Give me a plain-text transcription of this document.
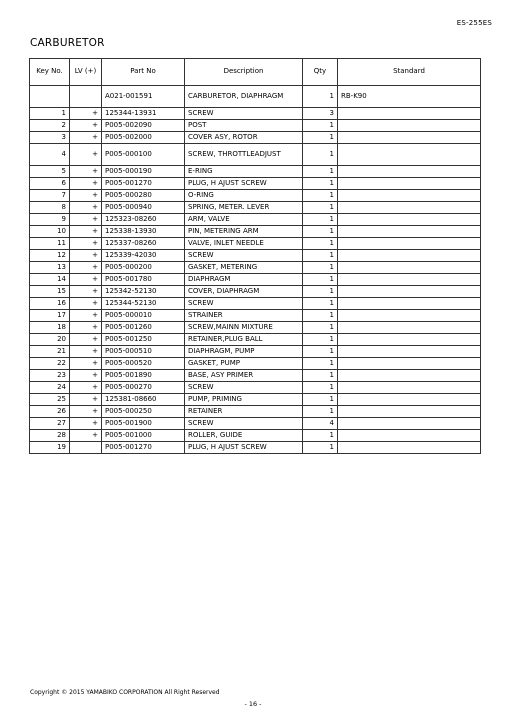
ES-255ES
CARBURETOR
Key No.	LV (+)	Part No	Description	Qty	Standard
		A021-001591	CARBURETOR, DIAPHRAGM	1	RB-K90
1	+	125344-13931	SCREW	3	
2	+	P005-002090	POST	1	
3	+	P005-002000	COVER ASY, ROTOR	1	
4	+	P005-000100	SCREW, THROTTLEADJUST	1	
5	+	P005-000190	E-RING	1	
6	+	P005-001270	PLUG, H AJUST SCREW	1	
7	+	P005-000280	O-RING	1	
8	+	P005-000940	SPRING, METER. LEVER	1	
9	+	125323-08260	ARM, VALVE	1	
10	+	125338-13930	PIN, METERING ARM	1	
11	+	125337-08260	VALVE, INLET NEEDLE	1	
12	+	125339-42030	SCREW	1	
13	+	P005-000200	GASKET, METERING	1	
14	+	P005-001780	DIAPHRAGM	1	
15	+	125342-52130	COVER, DIAPHRAGM	1	
16	+	125344-52130	SCREW	1	
17	+	P005-000010	STRAINER	1	
18	+	P005-001260	SCREW,MAINN MIXTURE	1	
20	+	P005-001250	RETAINER,PLUG BALL	1	
21	+	P005-000510	DIAPHRAGM, PUMP	1	
22	+	P005-000520	GASKET, PUMP	1	
23	+	P005-001890	BASE, ASY PRIMER	1	
24	+	P005-000270	SCREW	1	
25	+	125381-08660	PUMP, PRIMING	1	
26	+	P005-000250	RETAINER	1	
27	+	P005-001900	SCREW	4	
28	+	P005-001000	ROLLER, GUIDE	1	
19		P005-001270	PLUG, H AJUST SCREW	1	
Copyright © 2015 YAMABIKO CORPORATION All Right Reserved
- 16 -
